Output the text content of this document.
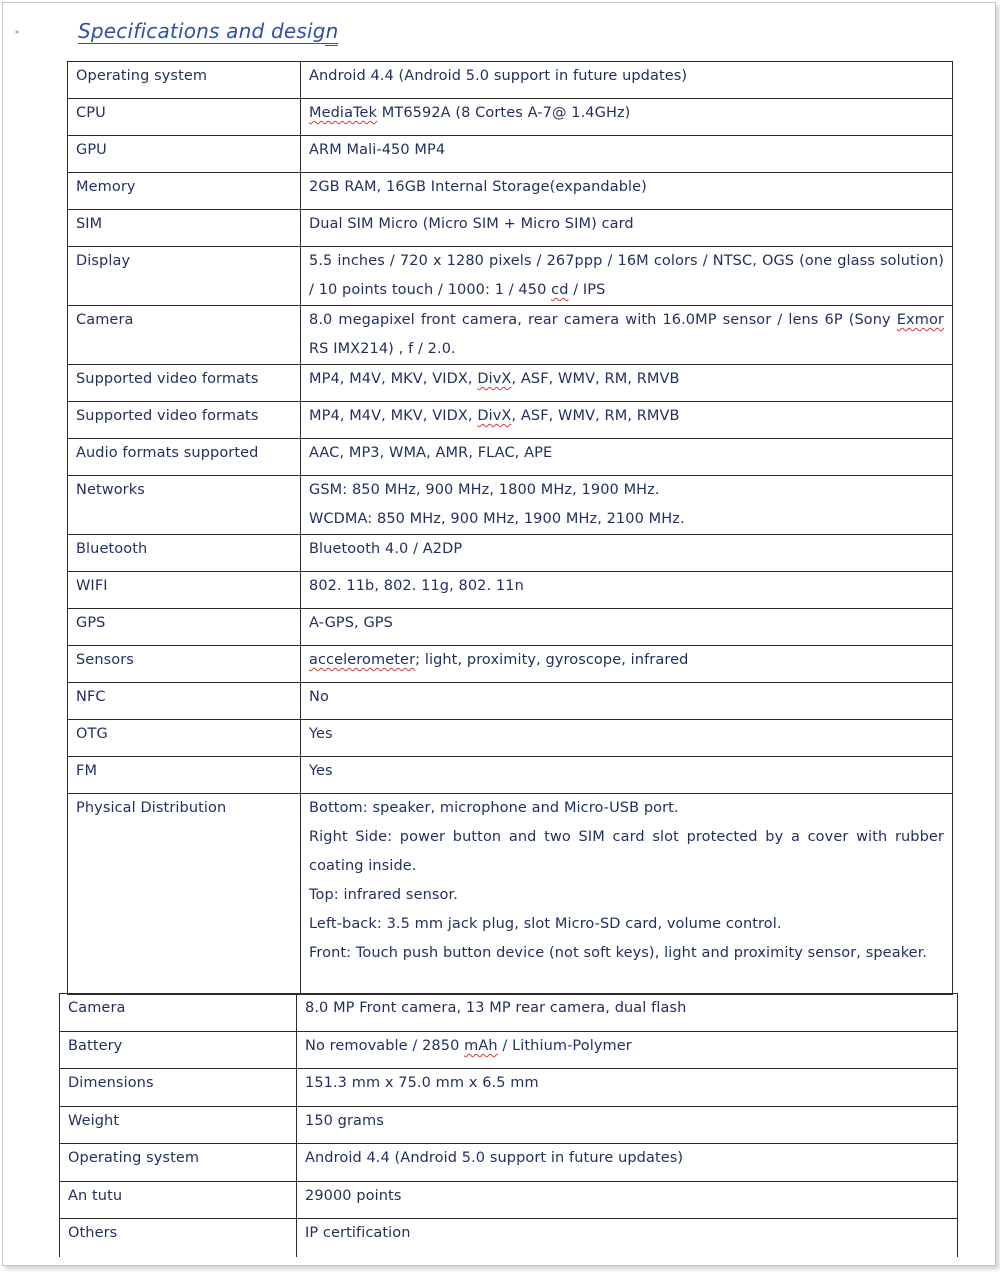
*	Specifications and design
Operating system	Android 4.4 (Android 5.0 support in future updates)
CPU	MediaTek MT6592A (8 Cortes A-7@ 1.4GHz)
GPU	ARM Mali-450 MP4
Memory	2GB RAM, 16GB Internal Storage(expandable)
SIM	Dual SIM Micro (Micro SIM + Micro SIM) card
Display	5.5 inches / 720 x 1280 pixels / 267ppp / 16M colors / NTSC, OGS (one glass solution) / 10 points touch / 1000: 1 / 450 cd / IPS
Camera	8.0 megapixel front camera, rear camera with 16.0MP sensor / lens 6P (Sony Exmor RS IMX214) , f / 2.0.
Supported video formats	MP4, M4V, MKV, VIDX, DivX, ASF, WMV, RM, RMVB
Supported video formats	MP4, M4V, MKV, VIDX, DivX, ASF, WMV, RM, RMVB
Audio formats supported	AAC, MP3, WMA, AMR, FLAC, APE
Networks	GSM: 850 MHz, 900 MHz, 1800 MHz, 1900 MHz.
WCDMA: 850 MHz, 900 MHz, 1900 MHz, 2100 MHz.

Bluetooth	Bluetooth 4.0 / A2DP
WIFI	802. 11b, 802. 11g, 802. 11n
GPS	A-GPS, GPS
Sensors	accelerometer; light, proximity, gyroscope, infrared
NFC	No
OTG	Yes
FM	Yes
Physical Distribution	Bottom: speaker, microphone and Micro-USB port.
Right Side: power button and two SIM card slot protected by a cover with rubber coating inside.
Top: infrared sensor.
Left-back: 3.5 mm jack plug, slot Micro-SD card, volume control.
Front: Touch push button device (not soft keys), light and proximity sensor, speaker.
Camera	8.0 MP Front camera, 13 MP rear camera, dual flash
Battery	No removable / 2850 mAh / Lithium-Polymer
Dimensions	151.3 mm x 75.0 mm x 6.5 mm
Weight	150 grams
Operating system	Android 4.4 (Android 5.0 support in future updates)
An tutu	29000 points
Others	IP certification
